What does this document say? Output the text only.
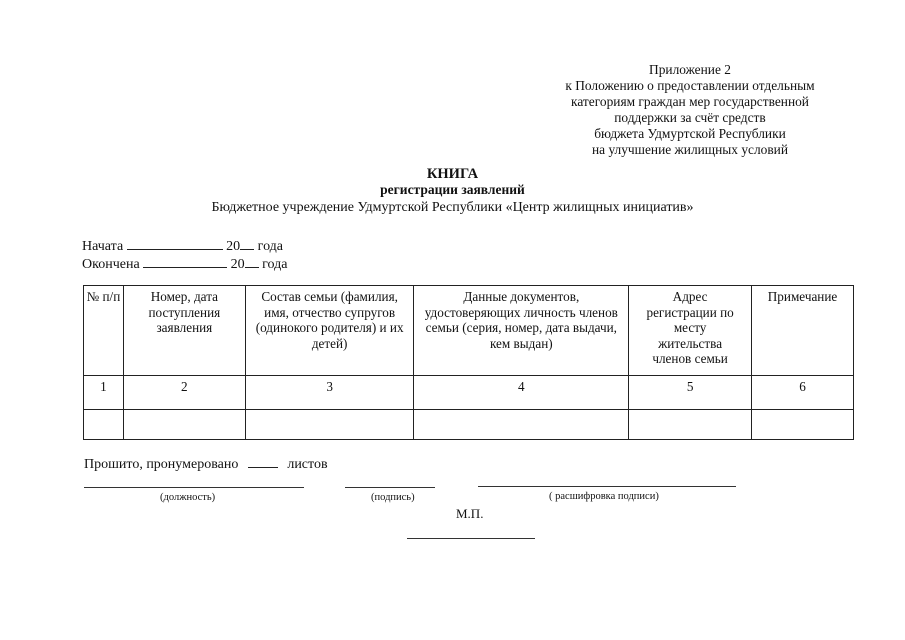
Приложение 2
к Положению о предоставлении отдельным
категориям граждан мер государственной
поддержки за счёт средств
бюджета Удмуртской Республики
на улучшение жилищных условий
КНИГА
регистрации заявлений
Бюджетное учреждение Удмуртской Республики «Центр жилищных инициатив»
Начата	20 года
Окончена	20 года
№ п/п	Номер, дата поступления заявления	Состав семьи (фамилия, имя, отчество супругов (одинокого родителя) и их детей)	Данные документов, удостоверяющих личность членов семьи (серия, номер, дата выдачи, кем выдан)	Адрес регистрации по месту жительства членов семьи	Примечание
1	2	3	4	5	6

Прошито, пронумеровано	листов
(должность)	(подпись)	( расшифровка подписи)
М.П.
